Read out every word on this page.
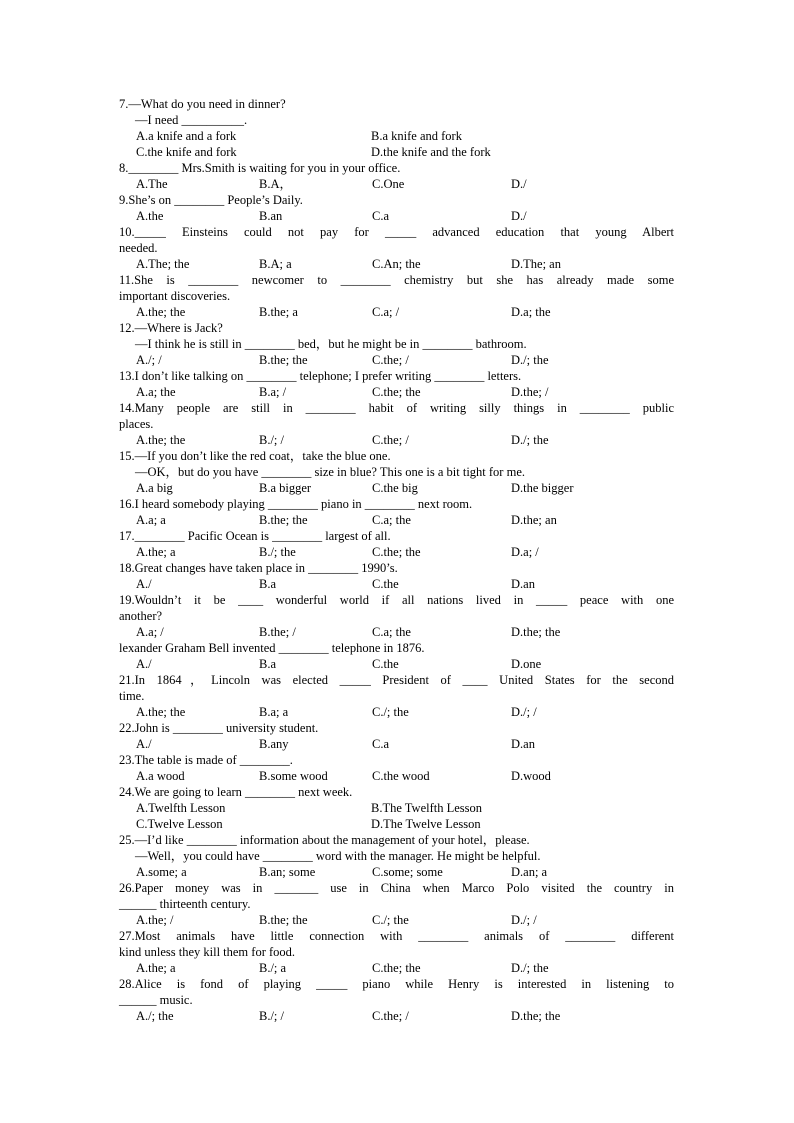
7.—What do you need in dinner?
—I need __________.
A.a knife and a fork	B.a knife and fork
C.the knife and fork	D.the knife and the fork
8.________ Mrs.Smith is waiting for you in your office.
A.The	B.A，	C.One	D./
9.She’s on ________ People’s Daily.
A.the	B.an	C.a	D./
10._____ Einsteins could not pay for _____ advanced education that young Albert
needed.
A.The; the	B.A; a	C.An; the	D.The; an
11.She is ________ newcomer to ________ chemistry but she has already made some
important discoveries.
A.the; the	B.the; a	C.a; /	D.a; the
12.—Where is Jack?
—I think he is still in ________ bed，but he might be in ________ bathroom.
A./; /	B.the; the	C.the; /	D./; the
13.I don’t like talking on ________ telephone; I prefer writing ________ letters.
A.a; the	B.a; /	C.the; the	D.the; /
14.Many people are still in ________ habit of writing silly things in ________ public
places.
A.the; the	B./; /	C.the; /	D./; the
15.—If you don’t like the red coat，take the blue one.
—OK，but do you have ________ size in blue? This one is a bit tight for me.
A.a big	B.a bigger	C.the big	D.the bigger
16.I heard somebody playing ________ piano in ________ next room.
A.a; a	B.the; the	C.a; the	D.the; an
17.________ Pacific Ocean is ________ largest of all.
A.the; a	B./; the	C.the; the	D.a; /
18.Great changes have taken place in ________ 1990’s.
A./	B.a	C.the	D.an
19.Wouldn’t it be ____ wonderful world if all nations lived in _____ peace with one
another?
A.a; /	B.the; /	C.a; the	D.the; the
lexander Graham Bell invented ________ telephone in 1876.
A./	B.a	C.the	D.one
21.In 1864，Lincoln was elected _____ President of ____ United States for the second
time.
A.the; the	B.a; a	C./; the	D./; /
22.John is ________ university student.
A./	B.any	C.a	D.an
23.The table is made of ________.
A.a wood	B.some wood	C.the wood	D.wood
24.We are going to learn ________ next week.
A.Twelfth Lesson	B.The Twelfth Lesson
C.Twelve Lesson	D.The Twelve Lesson
25.—I’d like ________ information about the management of your hotel，please.
—Well，you could have ________ word with the manager. He might be helpful.
A.some; a	B.an; some	C.some; some	D.an; a
26.Paper money was in _______ use in China when Marco Polo visited the country in
______ thirteenth century.
A.the; /	B.the; the	C./; the	D./; /
27.Most animals have little connection with ________ animals of ________ different
kind unless they kill them for food.
A.the; a	B./; a	C.the; the	D./; the
28.Alice is fond of playing _____ piano while Henry is interested in listening to
______ music.
A./; the	B./; /	C.the; /	D.the; the
